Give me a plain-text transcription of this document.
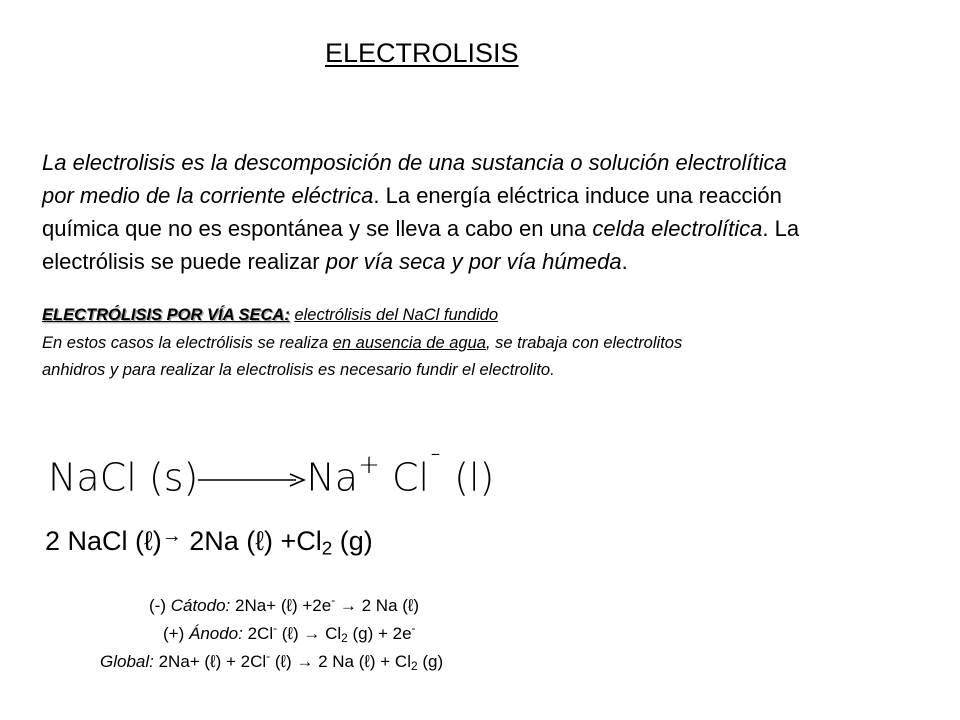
ELECTROLISIS
La electrolisis es la descomposición de una sustancia o solución electrolítica
por medio de la corriente eléctrica. La energía eléctrica induce una reacción
química que no es espontánea y se lleva a cabo en una celda electrolítica. La
electrólisis se puede realizar por vía seca y por vía húmeda.
ELECTRÓLISIS POR VÍA SECA: electrólisis del NaCl fundido
En estos casos la electrólisis se realiza en ausencia de agua, se trabaja con electrolitos
anhidros y para realizar la electrolisis es necesario fundir el electrolito.
NaCl (s)→Na+ Cl¯ (l)
2 NaCl (ℓ)→ 2Na (ℓ) $+Cl_2$ (g)
(-) Cátodo: 2Na+ (ℓ) +2e- → 2 Na (ℓ)
(+) Ánodo: 2Cl- (ℓ) → $Cl_2$ (g) + 2e-
Global: 2Na+ (ℓ) + 2Cl- (ℓ) → 2 Na (ℓ) + $Cl_2$ (g)
